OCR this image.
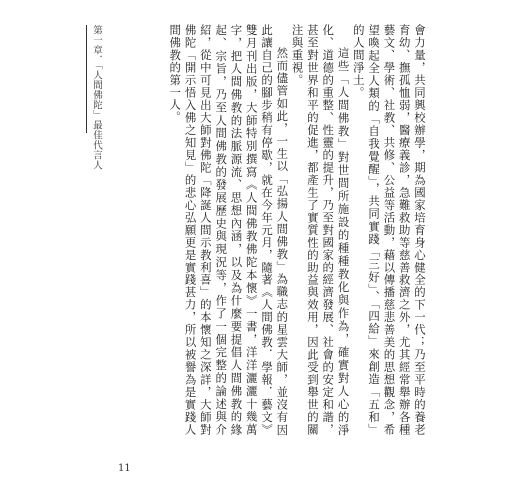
第一章．「人間佛陀」最佳代言人	會力量，共同興校辦學，期為國家培育身心健全的下一代；乃至平時的養老育幼、撫孤恤弱，醫療義診，急難救助等慈善救濟之外，尤其經常舉辦各種藝文、學術、社教、共修、公益等活動，藉以傳播慈悲善美的思想觀念，希望喚起全人類的「自我覺醒」，共同實踐「三好」、「四給」來創造「五和」的人間淨土。

這些「人間佛教」對世間所施設的種種教化與作為，確實對人心的淨化、道德的重整、性靈的提升，乃至對國家的經濟發展、社會的安定和諧，甚至對世界和平的促進，都產生了實質性的助益與效用，因此受到舉世的關注與重視。

然而儘管如此，一生以「弘揚人間佛教」為職志的星雲大師，並沒有因此讓自己的腳步稍有停歇，就在今年元月，隨著《人間佛教．學報．藝文》雙月刊出版，大師特別撰寫《人間佛教佛陀本懷》一書，洋洋灑灑十幾萬字，把人間佛教的法脈源流、思想內涵，以及為什麼要提倡人間佛教的緣起、宗旨，乃至人間佛教的發展歷史與現況等，作了一個完整的論述與介紹，從中可見出大師對佛陀「降誕人間示教利喜」的本懷知之深詳，大師對佛陀「開示悟入佛之知見」的悲心弘願更是實踐甚力，所以被譽為是實踐人間佛教的第一人。

11
